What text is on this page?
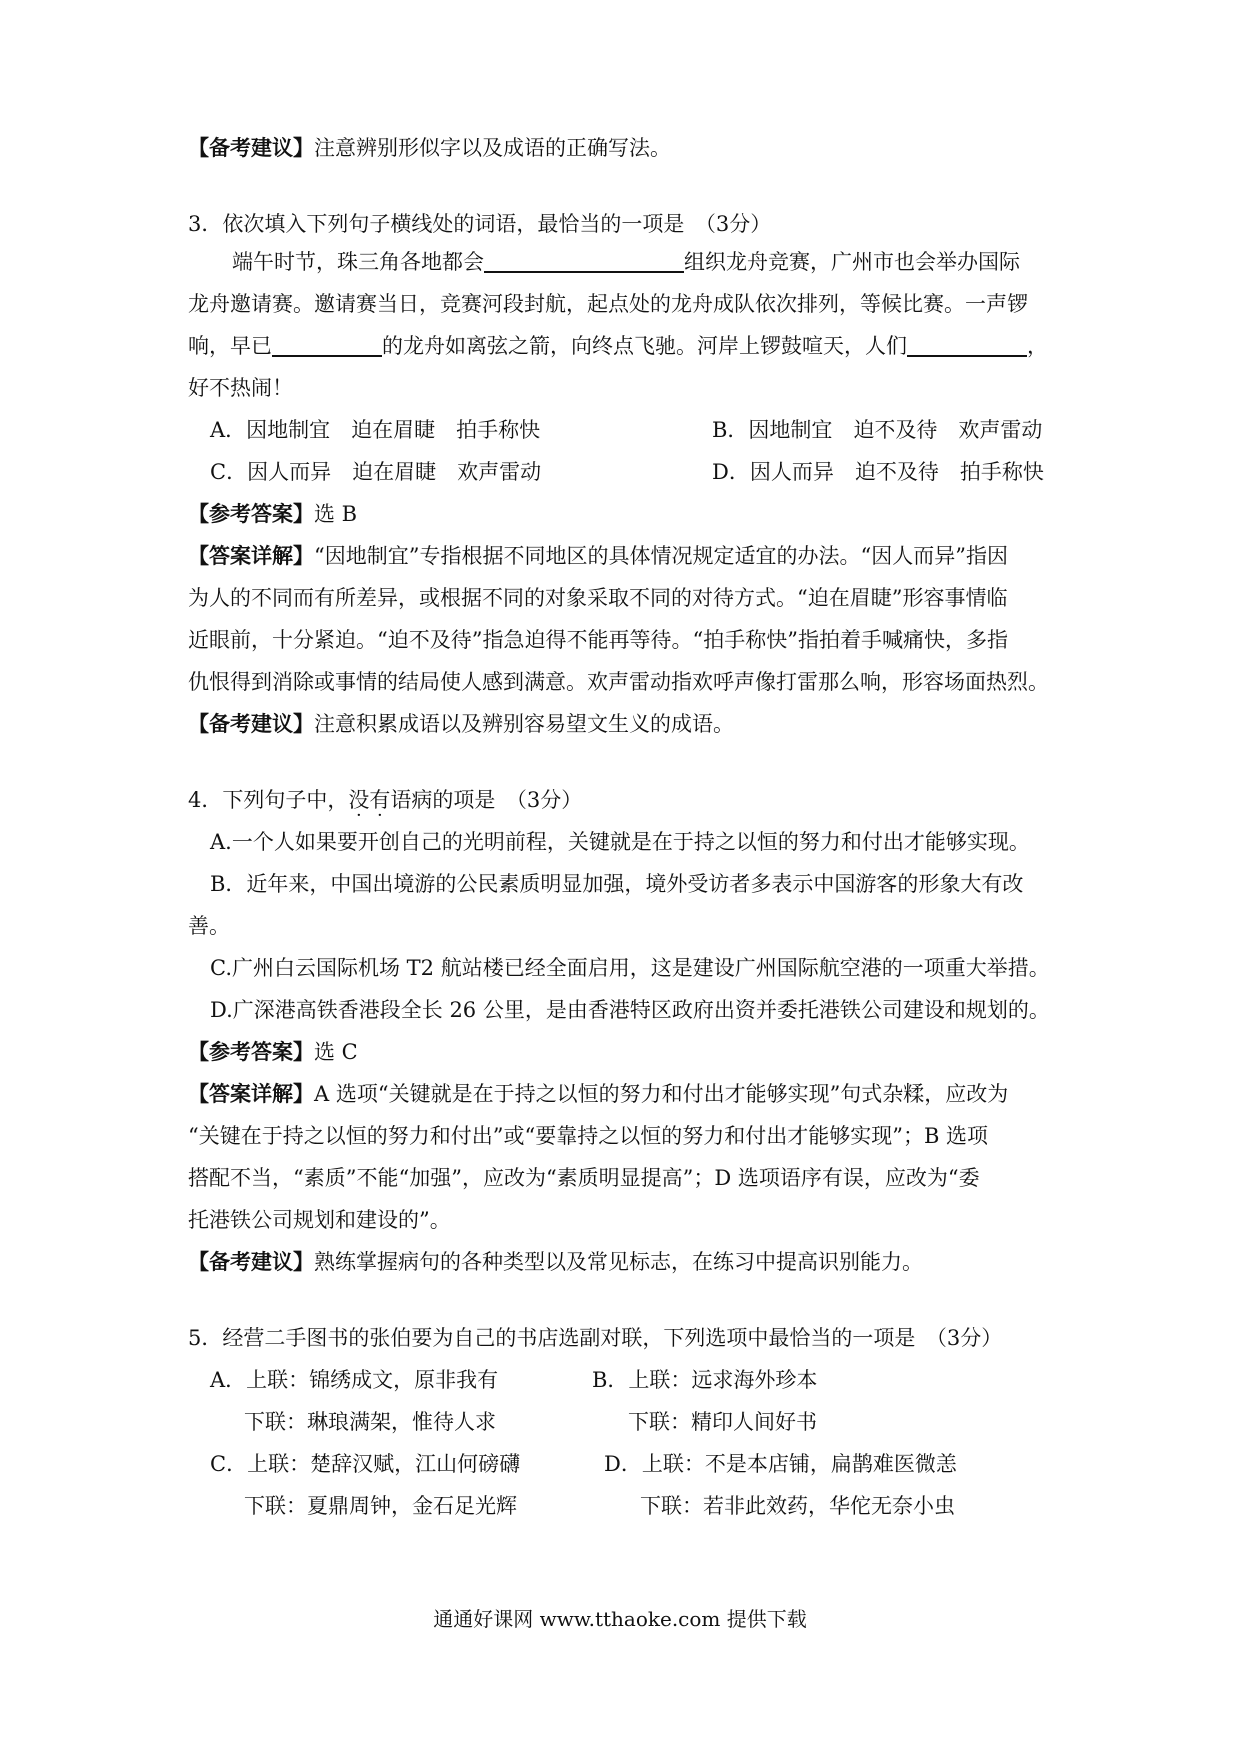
【备考建议】注意辨别形似字以及成语的正确写法。
3．依次填入下列句子横线处的词语，最恰当的一项是　（3分）
端午时节，珠三角各地都会	组织龙舟竞赛，广州市也会举办国际
龙舟邀请赛。邀请赛当日，竞赛河段封航，起点处的龙舟成队依次排列，等候比赛。一声锣
响，早已	的龙舟如离弦之箭，向终点飞驰。河岸上锣鼓喧天，人们	，
好不热闹！
A．因地制宜　迫在眉睫　拍手称快	B．因地制宜　迫不及待　欢声雷动
C．因人而异　迫在眉睫　欢声雷动	D．因人而异　迫不及待　拍手称快
【参考答案】选 B
【答案详解】“因地制宜”专指根据不同地区的具体情况规定适宜的办法。“因人而异”指因
为人的不同而有所差异，或根据不同的对象采取不同的对待方式。“迫在眉睫”形容事情临
近眼前，十分紧迫。“迫不及待”指急迫得不能再等待。“拍手称快”指拍着手喊痛快，多指
仇恨得到消除或事情的结局使人感到满意。欢声雷动指欢呼声像打雷那么响，形容场面热烈。
【备考建议】注意积累成语以及辨别容易望文生义的成语。
4．下列句子中，没有语病的项是　（3分）
A.一个人如果要开创自己的光明前程，关键就是在于持之以恒的努力和付出才能够实现。
B．近年来，中国出境游的公民素质明显加强，境外受访者多表示中国游客的形象大有改
善。
C.广州白云国际机场 T2 航站楼已经全面启用，这是建设广州国际航空港的一项重大举措。
D.广深港高铁香港段全长 26 公里，是由香港特区政府出资并委托港铁公司建设和规划的。
【参考答案】选 C
【答案详解】A 选项“关键就是在于持之以恒的努力和付出才能够实现”句式杂糅，应改为
“关键在于持之以恒的努力和付出”或“要靠持之以恒的努力和付出才能够实现”；B 选项
搭配不当，“素质”不能“加强”，应改为“素质明显提高”；D 选项语序有误，应改为“委
托港铁公司规划和建设的”。
【备考建议】熟练掌握病句的各种类型以及常见标志，在练习中提高识别能力。
5．经营二手图书的张伯要为自己的书店选副对联，下列选项中最恰当的一项是　（3分）
A．上联：锦绣成文，原非我有	B．上联：远求海外珍本
下联：琳琅满架，惟待人求	下联：精印人间好书
C．上联：楚辞汉赋，江山何磅礴	D．上联：不是本店铺，扁鹊难医微恙
下联：夏鼎周钟，金石足光辉	下联：若非此效药，华佗无奈小虫
通通好课网 www.tthaoke.com 提供下载
